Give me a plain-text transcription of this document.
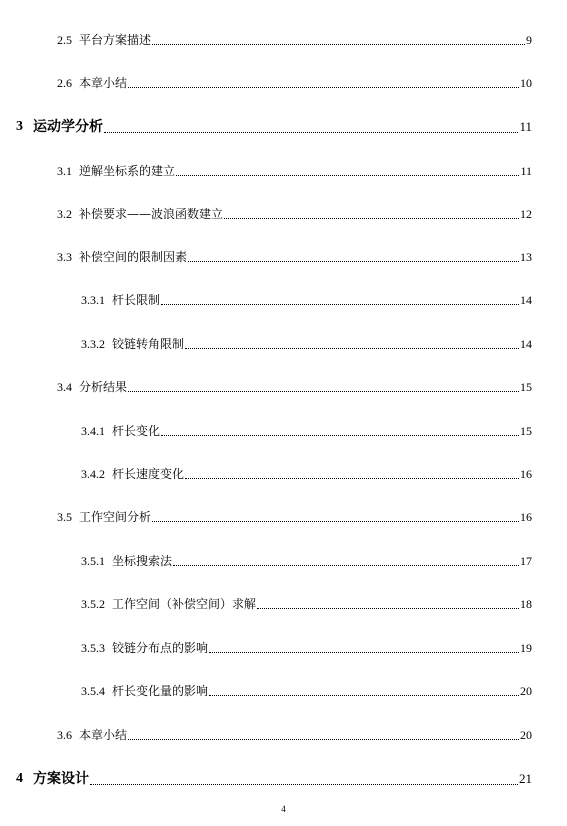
2.5 平台方案描述	9
2.6 本章小结	10
3 运动学分析	11
3.1 逆解坐标系的建立	11
3.2 补偿要求——波浪函数建立	12
3.3 补偿空间的限制因素	13
3.3.1 杆长限制	14
3.3.2 铰链转角限制	14
3.4 分析结果	15
3.4.1 杆长变化	15
3.4.2 杆长速度变化	16
3.5 工作空间分析	16
3.5.1 坐标搜索法	17
3.5.2 工作空间（补偿空间）求解	18
3.5.3 铰链分布点的影响	19
3.5.4 杆长变化量的影响	20
3.6 本章小结	20
4 方案设计	21
4
